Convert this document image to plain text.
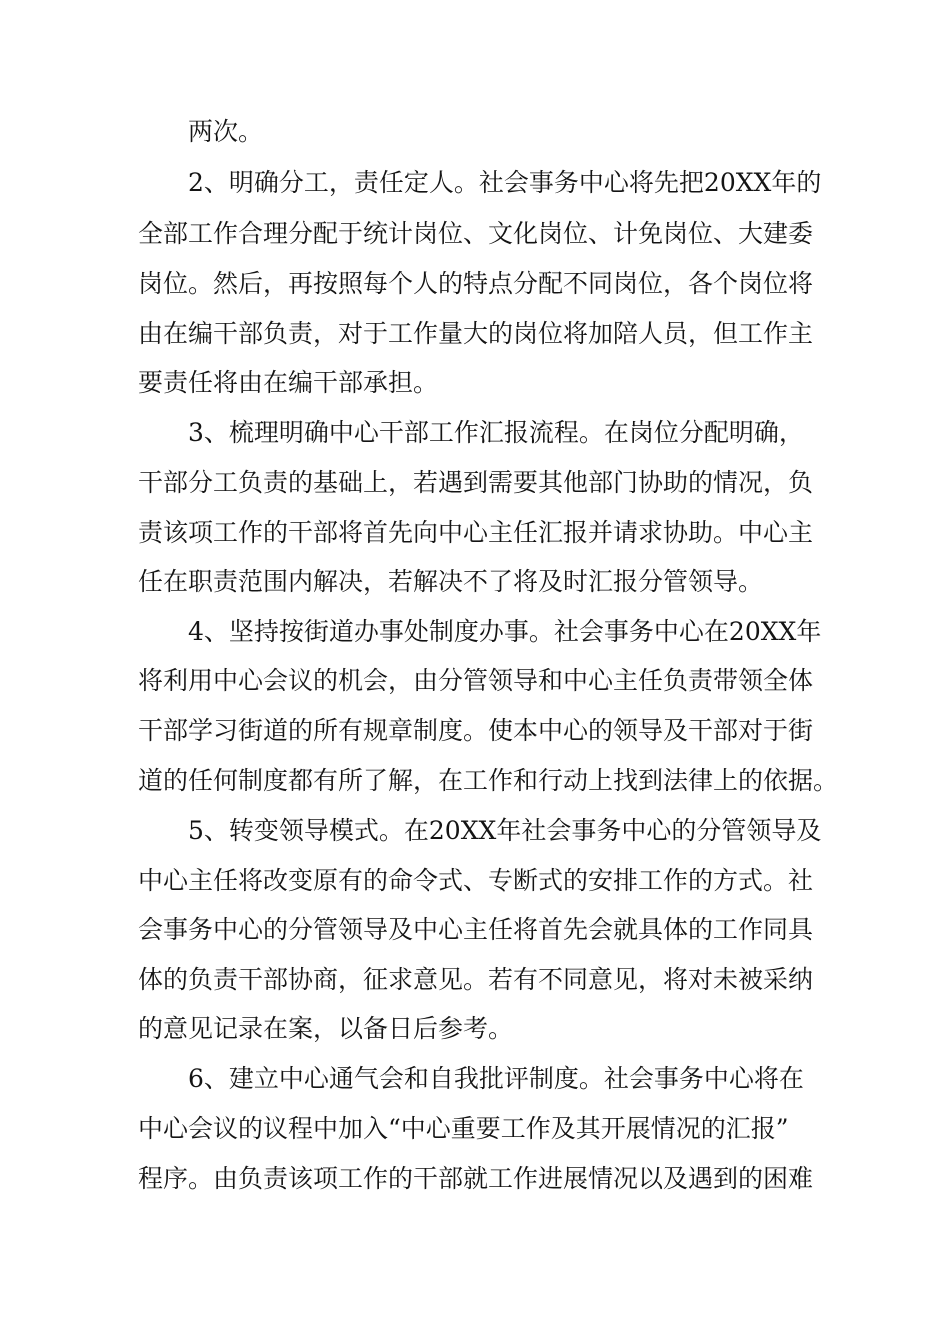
两次。
2、明确分工，责任定人。社会事务中心将先把20XX年的
全部工作合理分配于统计岗位、文化岗位、计免岗位、大建委
岗位。然后，再按照每个人的特点分配不同岗位，各个岗位将
由在编干部负责，对于工作量大的岗位将加陪人员，但工作主
要责任将由在编干部承担。
3、梳理明确中心干部工作汇报流程。在岗位分配明确，
干部分工负责的基础上，若遇到需要其他部门协助的情况，负
责该项工作的干部将首先向中心主任汇报并请求协助。中心主
任在职责范围内解决，若解决不了将及时汇报分管领导。
4、坚持按街道办事处制度办事。社会事务中心在20XX年
将利用中心会议的机会，由分管领导和中心主任负责带领全体
干部学习街道的所有规章制度。使本中心的领导及干部对于街
道的任何制度都有所了解，在工作和行动上找到法律上的依据。
5、转变领导模式。在20XX年社会事务中心的分管领导及
中心主任将改变原有的命令式、专断式的安排工作的方式。社
会事务中心的分管领导及中心主任将首先会就具体的工作同具
体的负责干部协商，征求意见。若有不同意见，将对未被采纳
的意见记录在案，以备日后参考。
6、建立中心通气会和自我批评制度。社会事务中心将在
中心会议的议程中加入“中心重要工作及其开展情况的汇报”
程序。由负责该项工作的干部就工作进展情况以及遇到的困难
